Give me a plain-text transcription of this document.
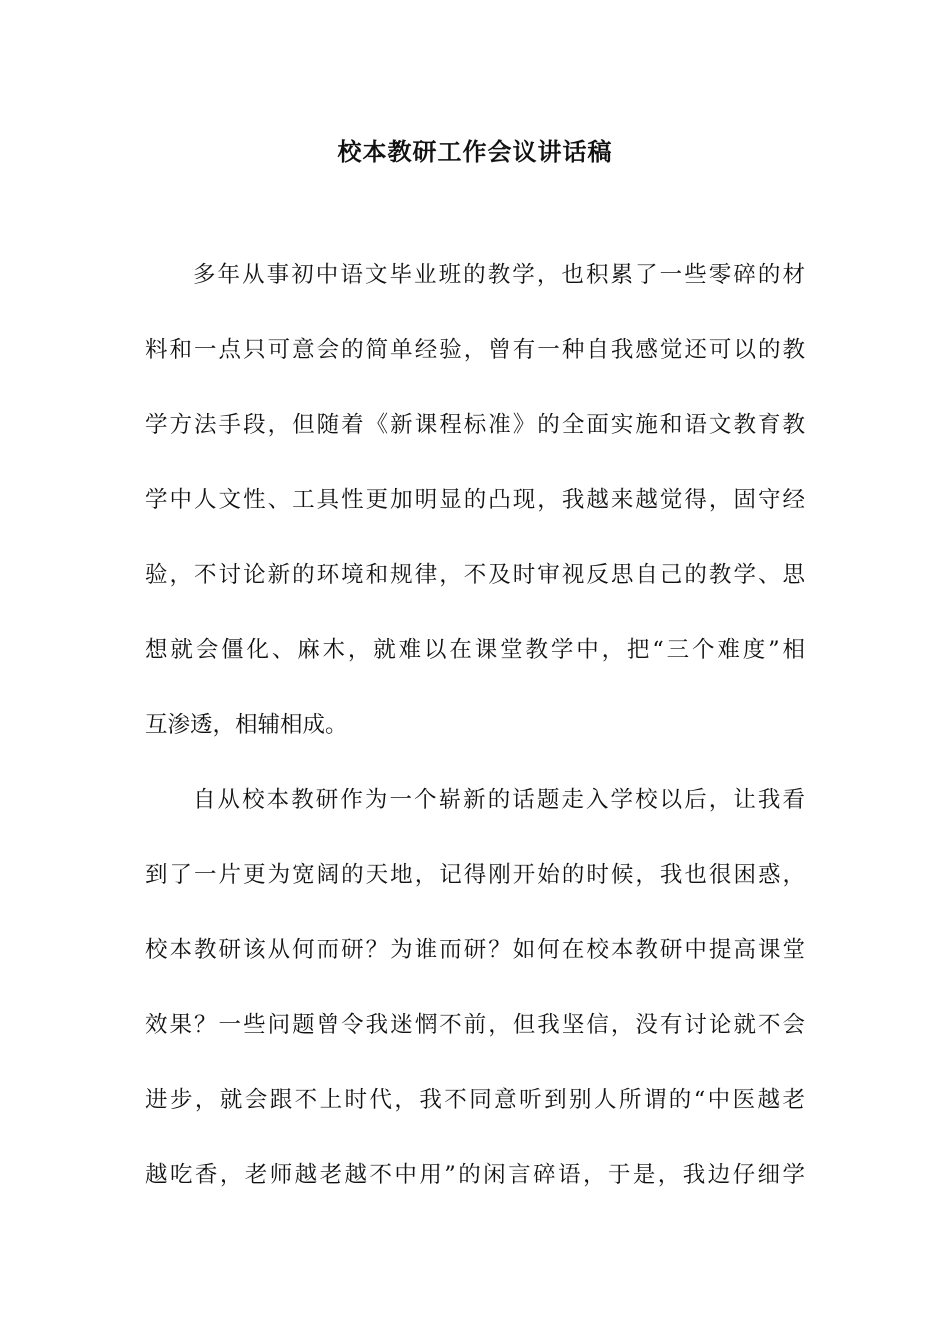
校本教研工作会议讲话稿

多年从事初中语文毕业班的教学，也积累了一些零碎的材

料和一点只可意会的简单经验，曾有一种自我感觉还可以的教

学方法手段，但随着《新课程标准》的全面实施和语文教育教

学中人文性、工具性更加明显的凸现，我越来越觉得，固守经

验，不讨论新的环境和规律，不及时审视反思自己的教学、思

想就会僵化、麻木，就难以在课堂教学中，把“三个难度”相

互渗透，相辅相成。

自从校本教研作为一个崭新的话题走入学校以后，让我看

到了一片更为宽阔的天地，记得刚开始的时候，我也很困惑，

校本教研该从何而研？为谁而研？如何在校本教研中提高课堂

效果？一些问题曾令我迷惘不前，但我坚信，没有讨论就不会

进步，就会跟不上时代，我不同意听到别人所谓的“中医越老

越吃香，老师越老越不中用”的闲言碎语，于是，我边仔细学
